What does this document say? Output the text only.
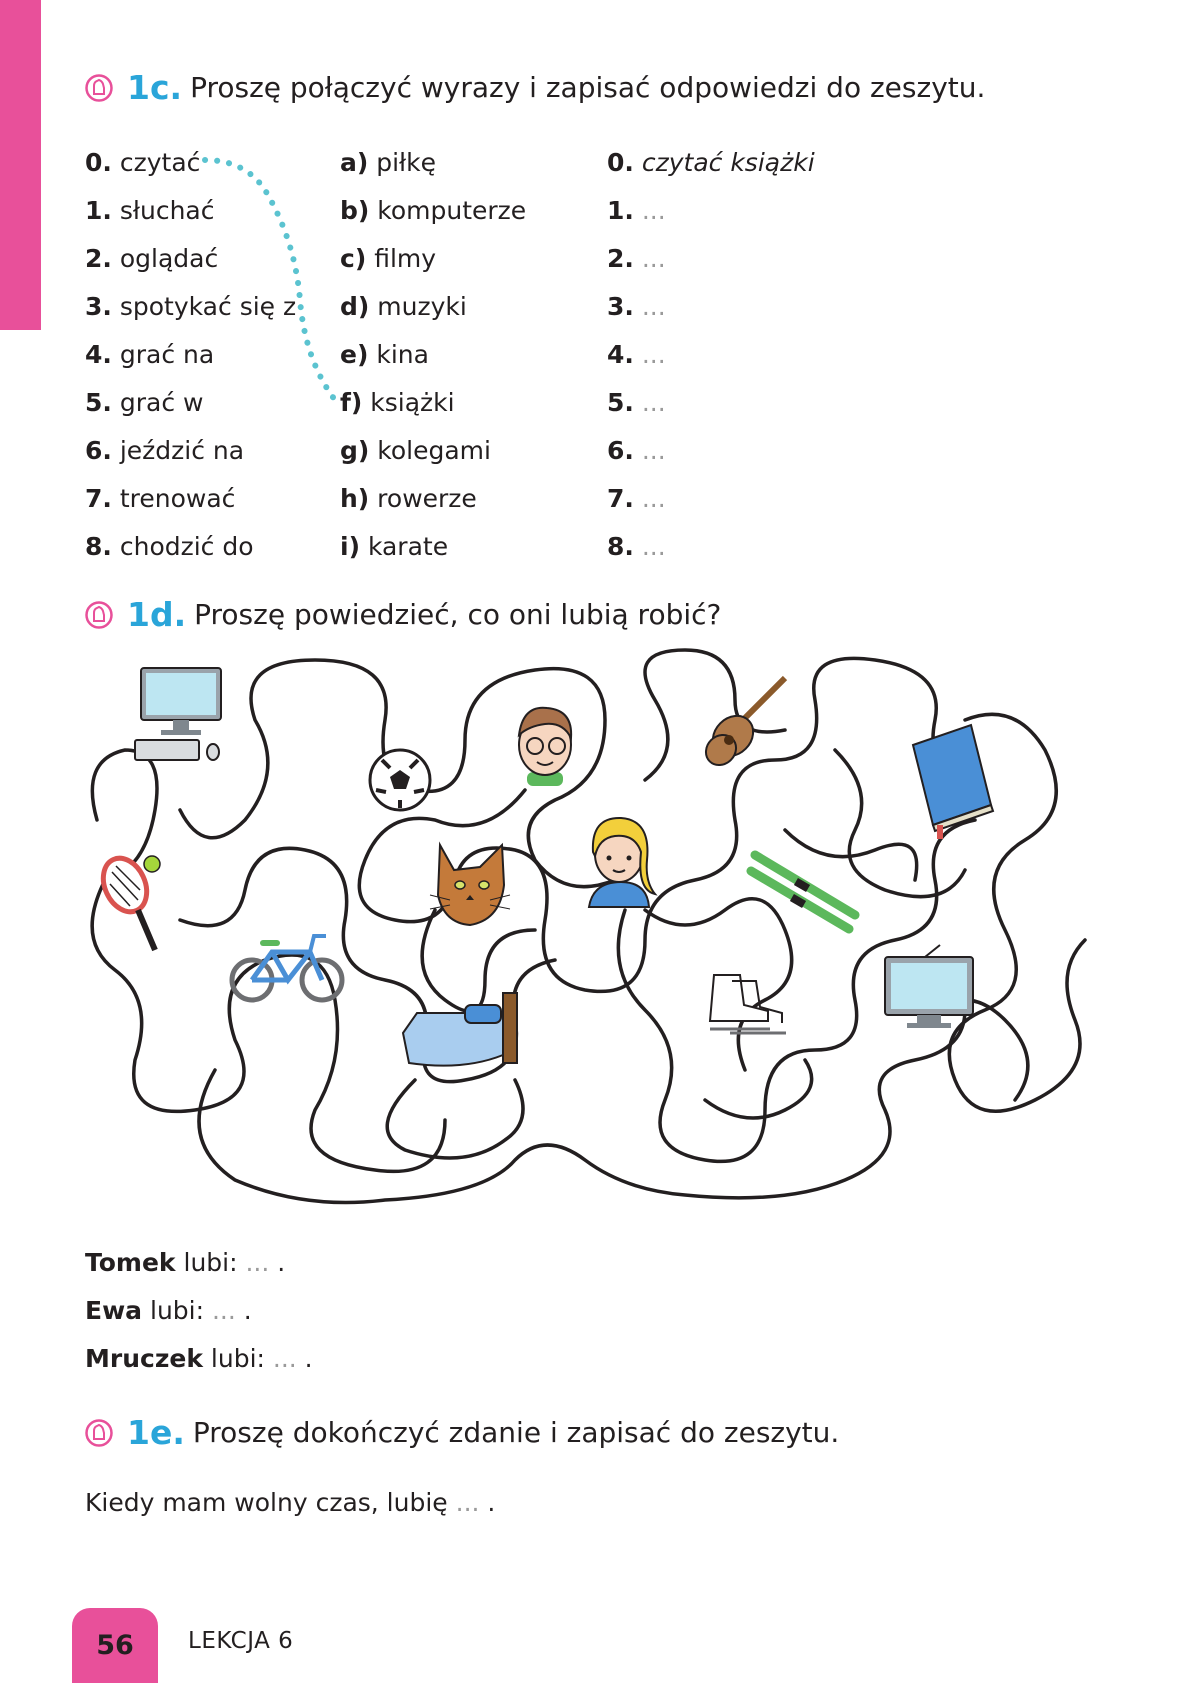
1c. Proszę połączyć wyrazy i zapisać odpowiedzi do zeszytu.
0. czytać
1. słuchać
2. oglądać
3. spotykać się z
4. grać na
5. grać w
6. jeździć na
7. trenować
8. chodzić do
a) piłkę
b) komputerze
c) filmy
d) muzyki
e) kina
f) książki
g) kolegami
h) rowerze
i) karate
0. czytać książki
1. ...
2. ...
3. ...
4. ...
5. ...
6. ...
7. ...
8. ...
1d. Proszę powiedzieć, co oni lubią robić?
Tomek lubi: ... .
Ewa lubi: ... .
Mruczek lubi: ... .
1e. Proszę dokończyć zdanie i zapisać do zeszytu.
Kiedy mam wolny czas, lubię ... .
56	LEKCJA 6
